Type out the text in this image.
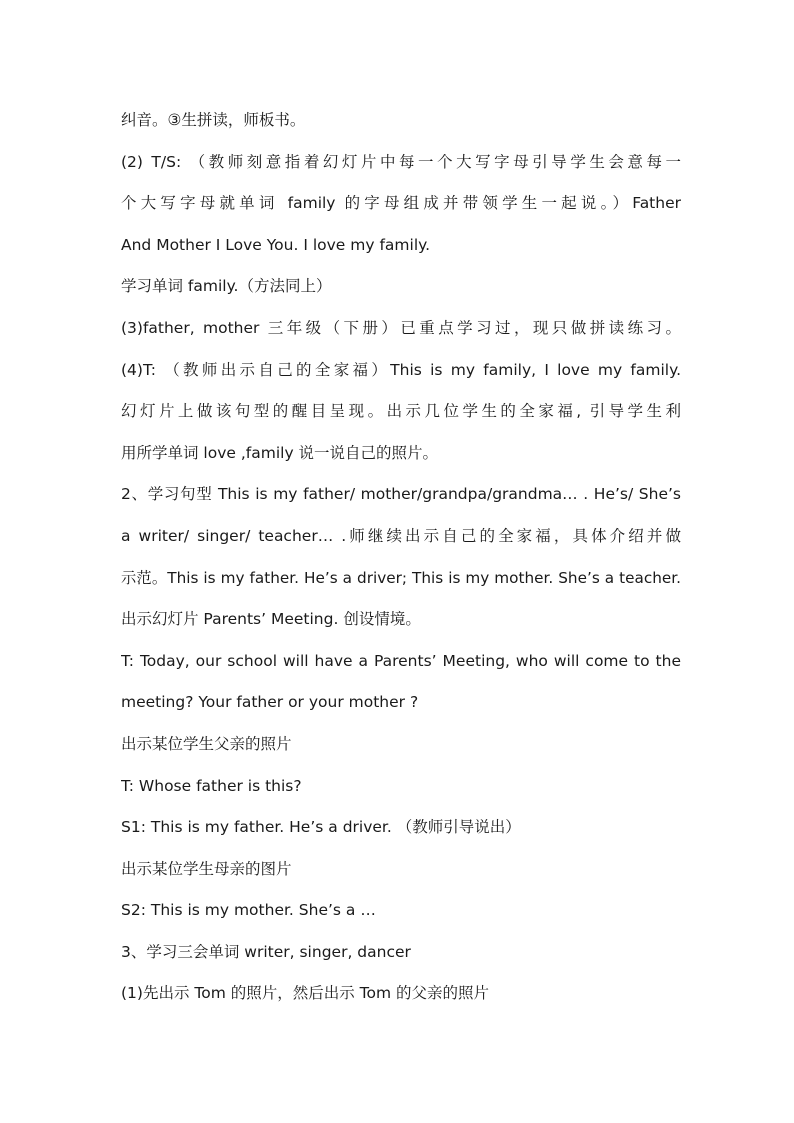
纠音。③生拼读，师板书。
(2) T/S: （教师刻意指着幻灯片中每一个大写字母引导学生会意每一
个大写字母就单词 family 的字母组成并带领学生一起说。）Father
And Mother I Love You. I love my family.
学习单词 family.（方法同上）
(3)father, mother 三年级（下册）已重点学习过，现只做拼读练习。
(4)T: （教师出示自己的全家福）This is my family, I love my family.
幻灯片上做该句型的醒目呈现。出示几位学生的全家福, 引导学生利
用所学单词 love ,family 说一说自己的照片。
2、学习句型 This is my father/ mother/grandpa/grandma… . He’s/ She’s
a writer/ singer/ teacher… .师继续出示自己的全家福，具体介绍并做
示范。This is my father. He’s a driver; This is my mother. She’s a teacher.
出示幻灯片 Parents’ Meeting. 创设情境。
T: Today, our school will have a Parents’ Meeting, who will come to the
meeting? Your father or your mother ?
出示某位学生父亲的照片
T: Whose father is this?
S1: This is my father. He’s a driver. （教师引导说出）
出示某位学生母亲的图片
S2: This is my mother. She’s a …
3、学习三会单词 writer, singer, dancer
(1)先出示 Tom 的照片，然后出示 Tom 的父亲的照片
